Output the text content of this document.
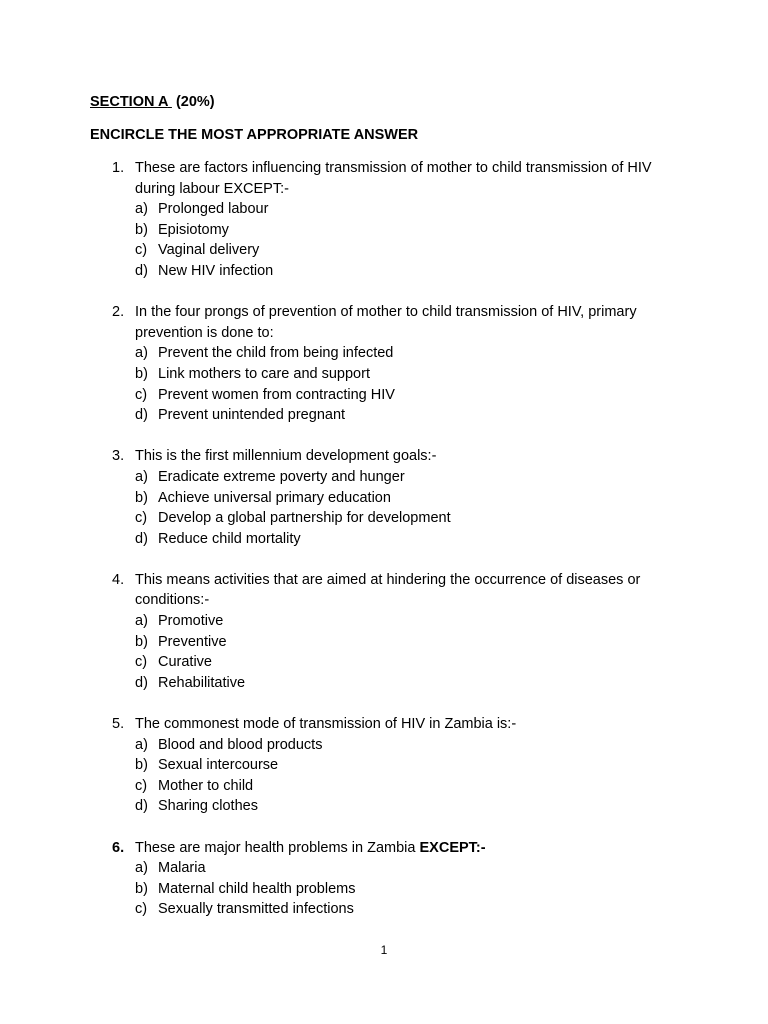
SECTION A (20%)
ENCIRCLE THE MOST APPROPRIATE ANSWER
1. These are factors influencing transmission of mother to child transmission of HIV during labour EXCEPT:-
a) Prolonged labour
b) Episiotomy
c) Vaginal delivery
d) New HIV infection
2. In the four prongs of prevention of mother to child transmission of HIV, primary prevention is done to:
a) Prevent the child from being infected
b) Link mothers to care and support
c) Prevent women from contracting HIV
d) Prevent unintended pregnant
3. This is the first millennium development goals:-
a) Eradicate extreme poverty and hunger
b) Achieve universal primary education
c) Develop a global partnership for development
d) Reduce child mortality
4. This means activities that are aimed at hindering the occurrence of diseases or conditions:-
a) Promotive
b) Preventive
c) Curative
d) Rehabilitative
5. The commonest mode of transmission of HIV in Zambia is:-
a) Blood and blood products
b) Sexual intercourse
c) Mother to child
d) Sharing clothes
6. These are major health problems in Zambia EXCEPT:-
a) Malaria
b) Maternal child health problems
c) Sexually transmitted infections
1
